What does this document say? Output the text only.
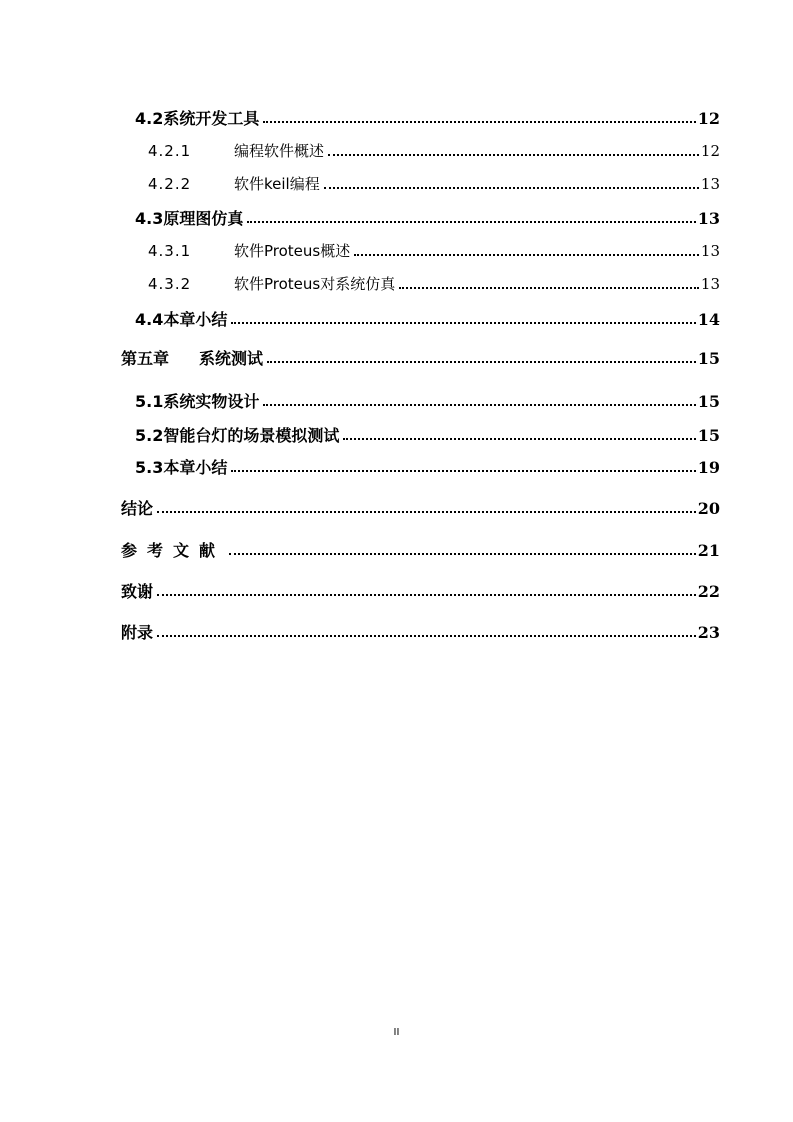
4.2系统开发工具	12
4.2.1	编程软件概述	12
4.2.2	软件keil编程	13
4.3原理图仿真	13
4.3.1	软件Proteus概述	13
4.3.2	软件Proteus对系统仿真	13
4.4本章小结	14
第五章 系统测试	15
5.1系统实物设计	15
5.2智能台灯的场景模拟测试	15
5.3本章小结	19
结论	20
参考文献	21
致谢	22
附录	23
II
